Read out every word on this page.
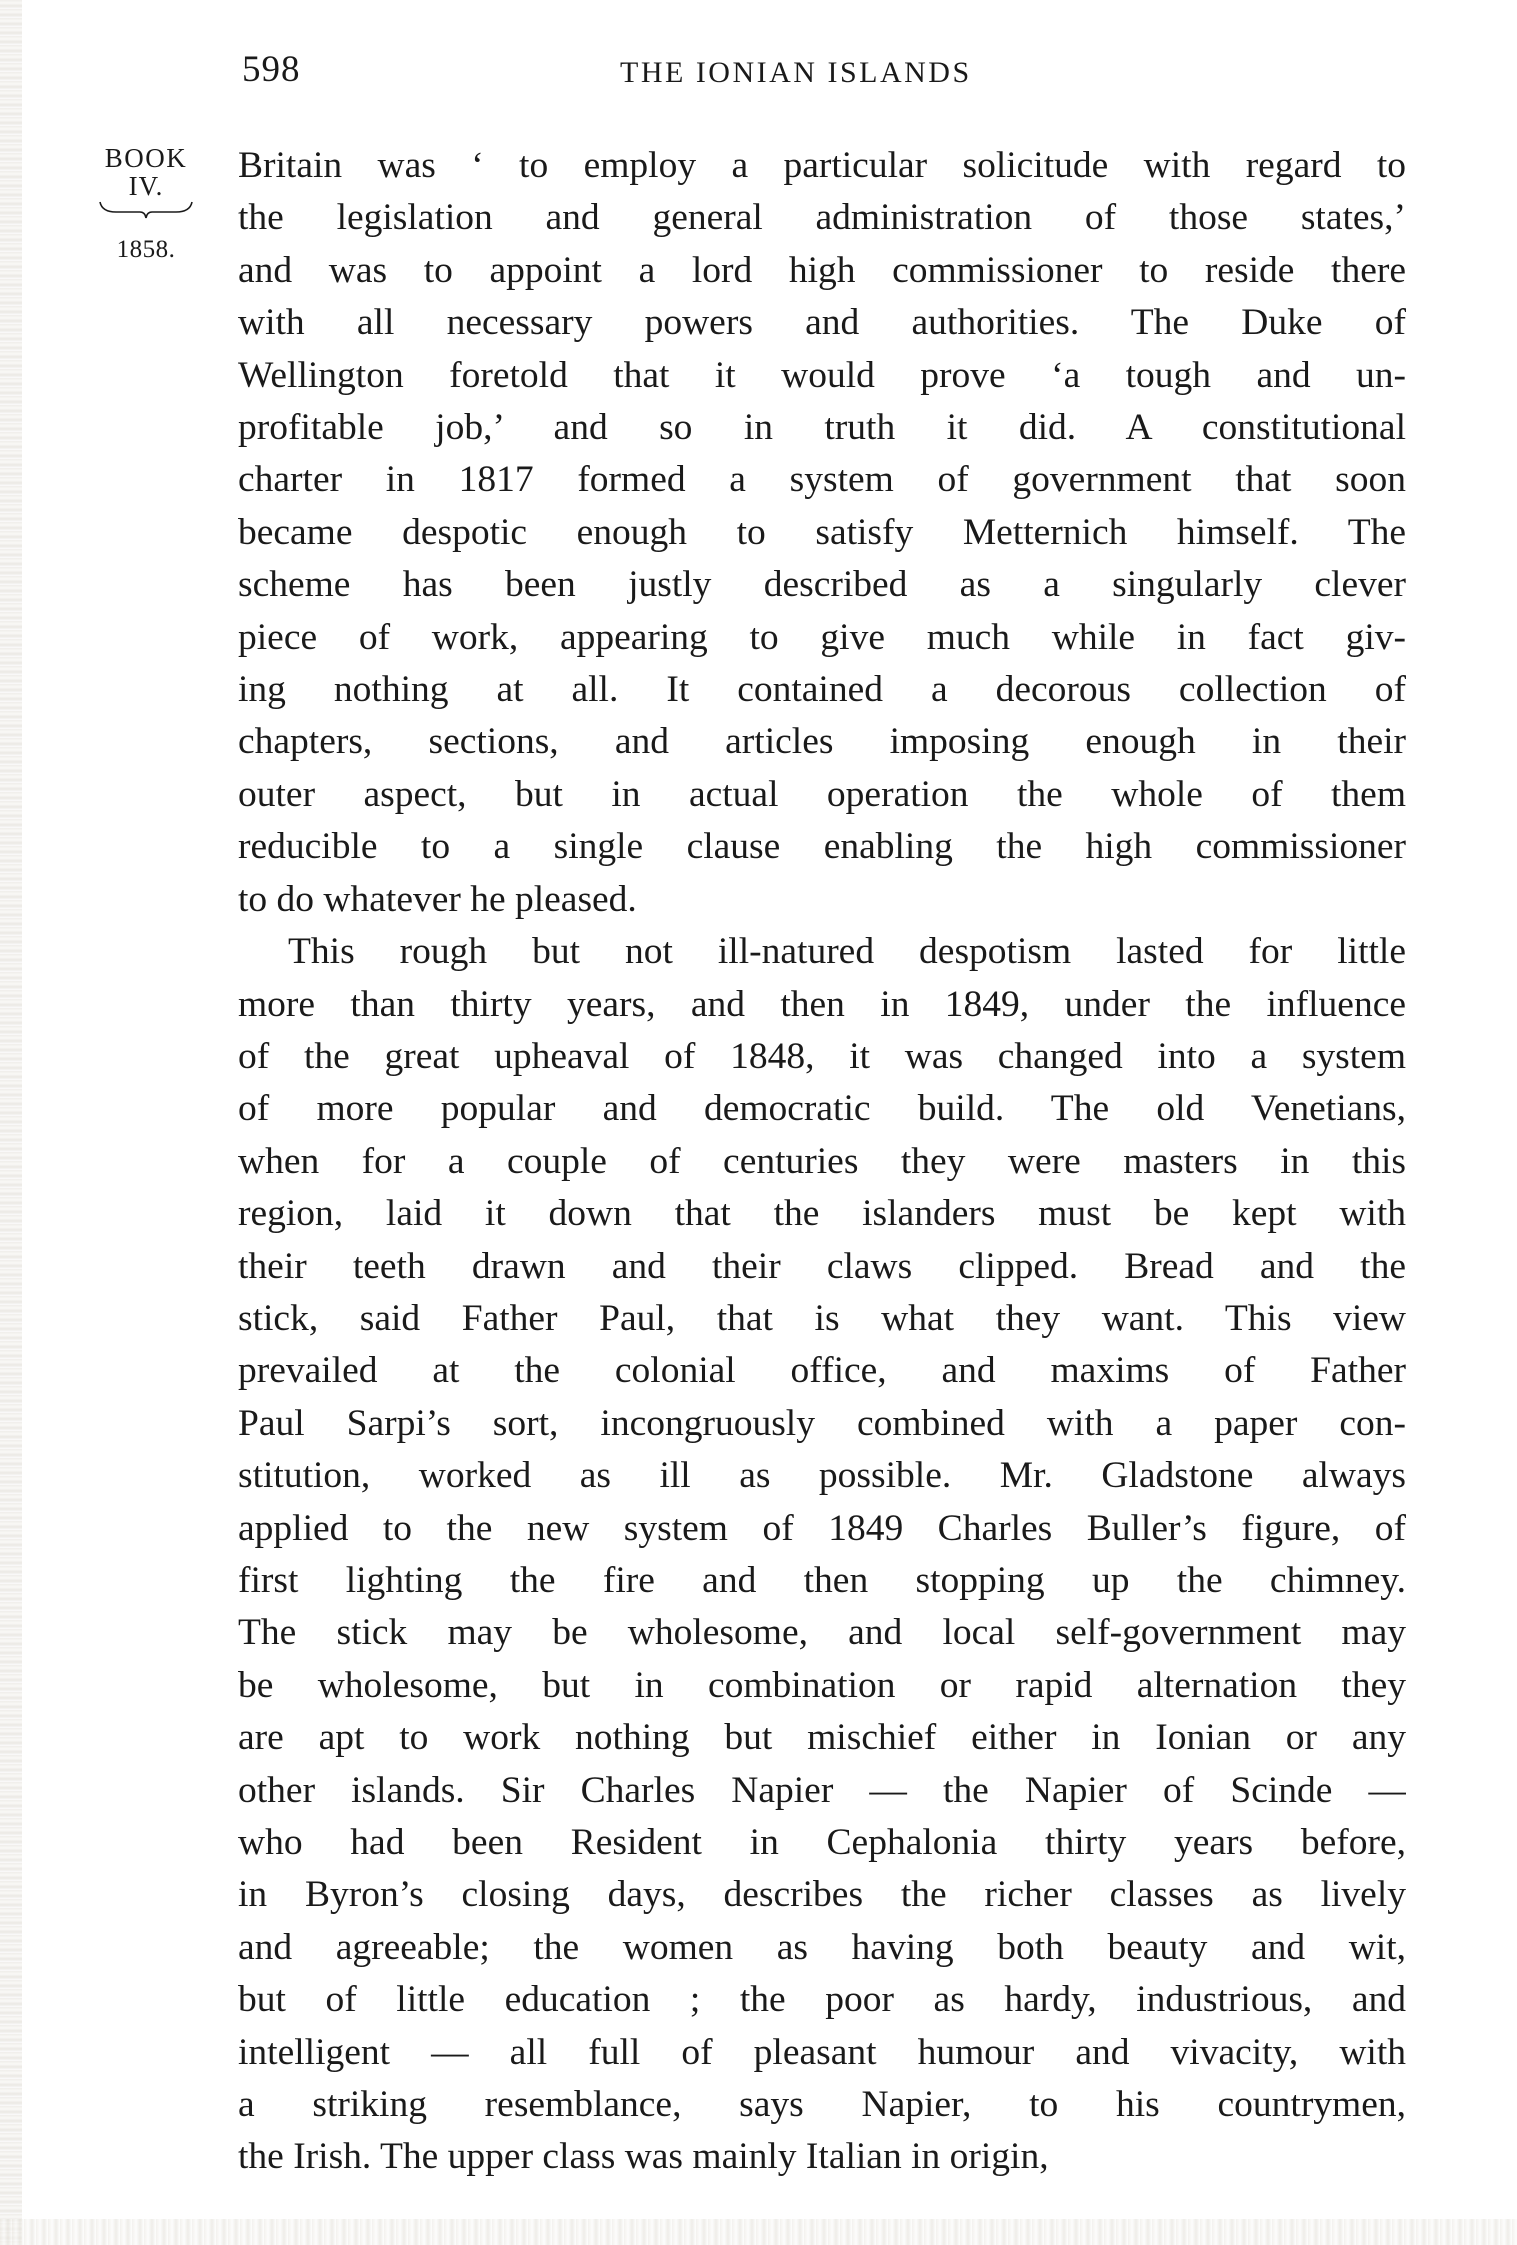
598	THE IONIAN ISLANDS
BOOK
IV.
1858.

Britain was ‘ to employ a particular solicitude with regard to
the legislation and general administration of those states,’
and was to appoint a lord high commissioner to reside there
with all necessary powers and authorities. The Duke of
Wellington foretold that it would prove ‘a tough and un-
profitable job,’ and so in truth it did. A constitutional
charter in 1817 formed a system of government that soon
became despotic enough to satisfy Metternich himself. The
scheme has been justly described as a singularly clever
piece of work, appearing to give much while in fact giv-
ing nothing at all. It contained a decorous collection of
chapters, sections, and articles imposing enough in their
outer aspect, but in actual operation the whole of them
reducible to a single clause enabling the high commissioner
to do whatever he pleased.

This rough but not ill-natured despotism lasted for little
more than thirty years, and then in 1849, under the influence
of the great upheaval of 1848, it was changed into a system
of more popular and democratic build. The old Venetians,
when for a couple of centuries they were masters in this
region, laid it down that the islanders must be kept with
their teeth drawn and their claws clipped. Bread and the
stick, said Father Paul, that is what they want. This view
prevailed at the colonial office, and maxims of Father
Paul Sarpi’s sort, incongruously combined with a paper con-
stitution, worked as ill as possible. Mr. Gladstone always
applied to the new system of 1849 Charles Buller’s figure, of
first lighting the fire and then stopping up the chimney.
The stick may be wholesome, and local self-government may
be wholesome, but in combination or rapid alternation they
are apt to work nothing but mischief either in Ionian or any
other islands. Sir Charles Napier — the Napier of Scinde —
who had been Resident in Cephalonia thirty years before,
in Byron’s closing days, describes the richer classes as lively
and agreeable; the women as having both beauty and wit,
but of little education ; the poor as hardy, industrious, and
intelligent — all full of pleasant humour and vivacity, with
a striking resemblance, says Napier, to his countrymen,
the Irish. The upper class was mainly Italian in origin,
